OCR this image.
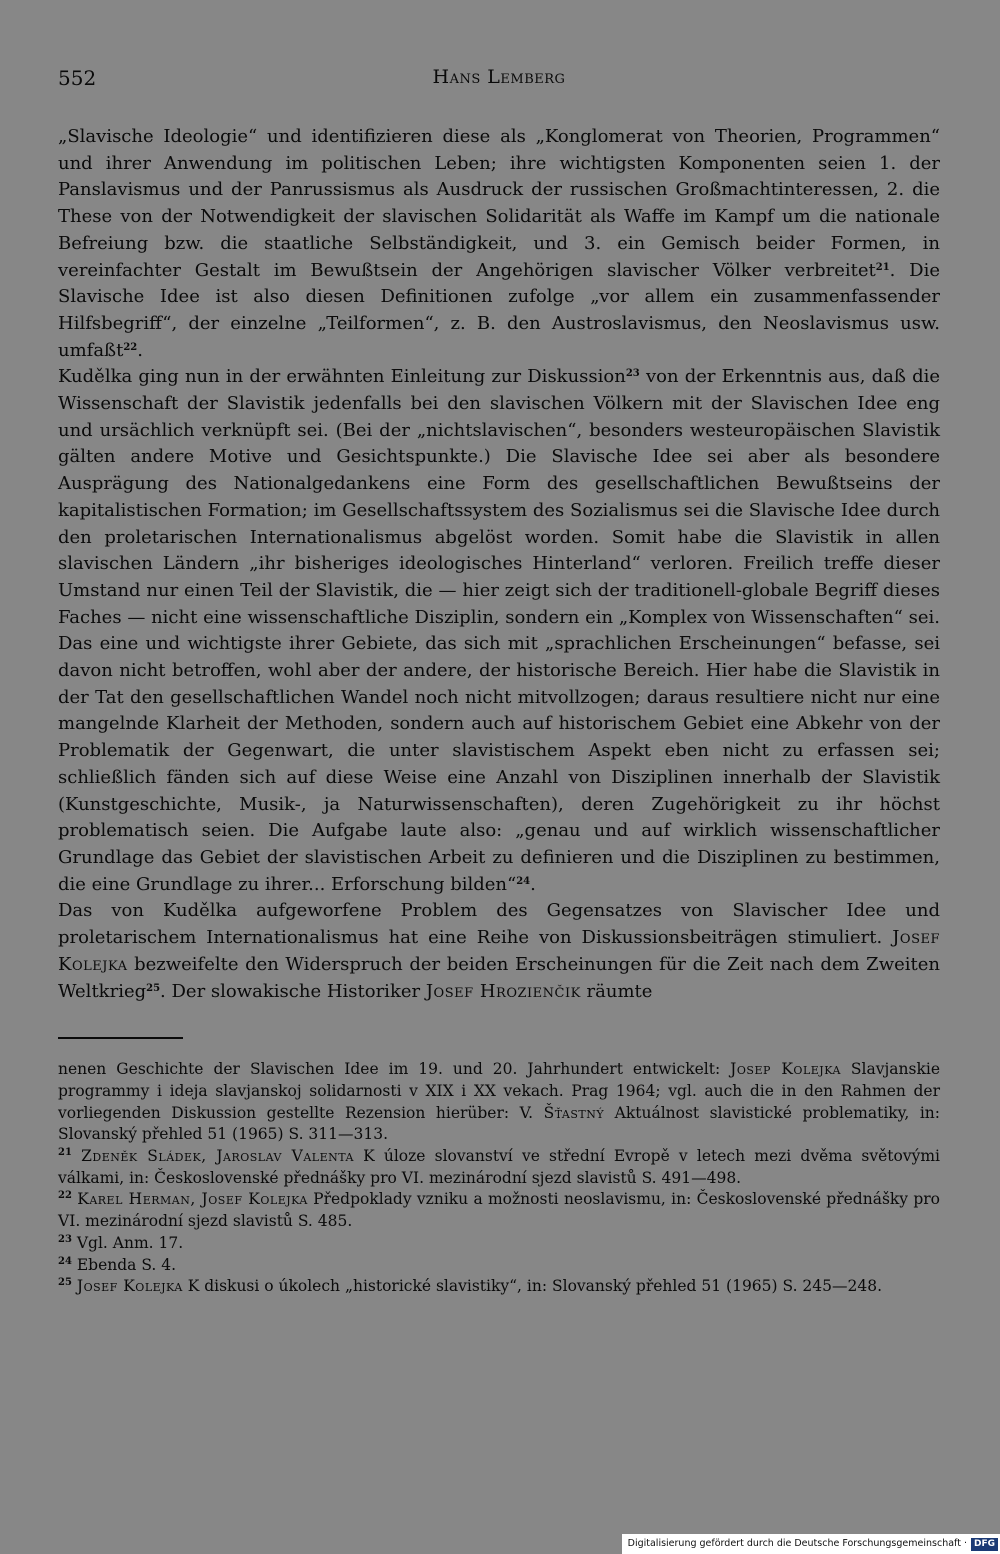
552	Hans Lemberg

„Slavische Ideologie“ und identifizieren diese als „Konglomerat von Theorien, Programmen“ und ihrer Anwendung im politischen Leben; ihre wichtigsten Komponenten seien 1. der Panslavismus und der Panrussismus als Ausdruck der russischen Großmachtinteressen, 2. die These von der Notwendigkeit der slavischen Solidarität als Waffe im Kampf um die nationale Befreiung bzw. die staatliche Selbständigkeit, und 3. ein Gemisch beider Formen, in vereinfachter Gestalt im Bewußtsein der Angehörigen slavischer Völker verbreitet$^{21}$. Die Slavische Idee ist also diesen Definitionen zufolge „vor allem ein zusammenfassender Hilfsbegriff“, der einzelne „Teilformen“, z. B. den Austroslavismus, den Neoslavismus usw. umfaßt$^{22}$.

Kudělka ging nun in der erwähnten Einleitung zur Diskussion$^{23}$ von der Erkenntnis aus, daß die Wissenschaft der Slavistik jedenfalls bei den slavischen Völkern mit der Slavischen Idee eng und ursächlich verknüpft sei. (Bei der „nichtslavischen“, besonders westeuropäischen Slavistik gälten andere Motive und Gesichtspunkte.) Die Slavische Idee sei aber als besondere Ausprägung des Nationalgedankens eine Form des gesellschaftlichen Bewußtseins der kapitalistischen Formation; im Gesellschaftssystem des Sozialismus sei die Slavische Idee durch den proletarischen Internationalismus abgelöst worden. Somit habe die Slavistik in allen slavischen Ländern „ihr bisheriges ideologisches Hinterland“ verloren. Freilich treffe dieser Umstand nur einen Teil der Slavistik, die — hier zeigt sich der traditionell-globale Begriff dieses Faches — nicht eine wissenschaftliche Disziplin, sondern ein „Komplex von Wissenschaften“ sei. Das eine und wichtigste ihrer Gebiete, das sich mit „sprachlichen Erscheinungen“ befasse, sei davon nicht betroffen, wohl aber der andere, der historische Bereich. Hier habe die Slavistik in der Tat den gesellschaftlichen Wandel noch nicht mitvollzogen; daraus resultiere nicht nur eine mangelnde Klarheit der Methoden, sondern auch auf historischem Gebiet eine Abkehr von der Problematik der Gegenwart, die unter slavistischem Aspekt eben nicht zu erfassen sei; schließlich fänden sich auf diese Weise eine Anzahl von Disziplinen innerhalb der Slavistik (Kunstgeschichte, Musik-, ja Naturwissenschaften), deren Zugehörigkeit zu ihr höchst problematisch seien. Die Aufgabe laute also: „genau und auf wirklich wissenschaftlicher Grundlage das Gebiet der slavistischen Arbeit zu definieren und die Disziplinen zu bestimmen, die eine Grundlage zu ihrer... Erforschung bilden“$^{24}$.

Das von Kudělka aufgeworfene Problem des Gegensatzes von Slavischer Idee und proletarischem Internationalismus hat eine Reihe von Diskussionsbeiträgen stimuliert. Josef Kolejka bezweifelte den Widerspruch der beiden Erscheinungen für die Zeit nach dem Zweiten Weltkrieg$^{25}$. Der slowakische Historiker Josef Hrozienčik räumte

nenen Geschichte der Slavischen Idee im 19. und 20. Jahrhundert entwickelt: Josep Kolejka Slavjanskie programmy i ideja slavjanskoj solidarnosti v XIX i XX vekach. Prag 1964; vgl. auch die in den Rahmen der vorliegenden Diskussion gestellte Rezension hierüber: V. Šťastný Aktuálnost slavistické problematiky, in: Slovanský přehled 51 (1965) S. 311—313.

$^{21}$ Zdeněk Sládek, Jaroslav Valenta K úloze slovanství ve střední Evropě v letech mezi dvěma světovými válkami, in: Československé přednášky pro VI. mezinárodní sjezd slavistů S. 491—498.

$^{22}$ Karel Herman, Josef Kolejka Předpoklady vzniku a možnosti neoslavismu, in: Československé přednášky pro VI. mezinárodní sjezd slavistů S. 485.

$^{23}$ Vgl. Anm. 17.

$^{24}$ Ebenda S. 4.

$^{25}$ Josef Kolejka K diskusi o úkolech „historické slavistiky“, in: Slovanský přehled 51 (1965) S. 245—248.

Digitalisierung gefördert durch die Deutsche Forschungsgemeinschaft · DFG
